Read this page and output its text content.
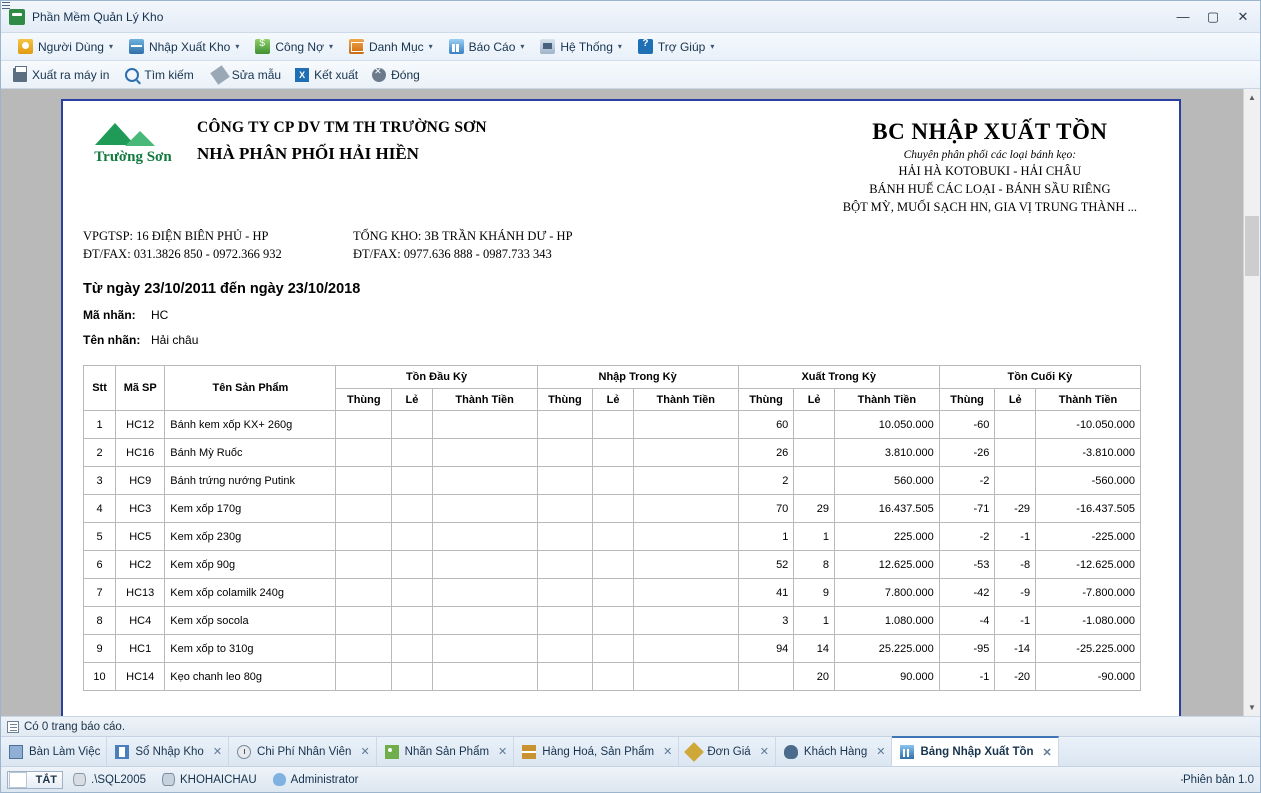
Phần Mềm Quản Lý Kho	—	▢	✕
Người Dùng ▾	Nhập Xuất Kho ▾ $	Công Nợ ▾	Danh Mục ▾	Báo Cáo ▾	Hệ Thống ▾ ?	Trợ Giúp ▾
Xuất ra máy in	Tìm kiếm	Sửa mẫu	X Kết xuất ✕	Đóng
Trường Sơn
CÔNG TY CP DV TM TH TRƯỜNG SƠN
NHÀ PHÂN PHỐI HẢI HIỀN
BC NHẬP XUẤT TỒN
Chuyên phân phối các loại bánh kẹo:
HẢI HÀ KOTOBUKI - HẢI CHÂU
BÁNH HUẾ CÁC LOẠI - BÁNH SẦU RIÊNG
BỘT MỲ, MUỐI SẠCH HN, GIA VỊ TRUNG THÀNH ...
VPGTSP: 16 ĐIỆN BIÊN PHỦ - HP
ĐT/FAX: 031.3826 850 - 0972.366 932
TỔNG KHO: 3B TRẦN KHÁNH DƯ - HP
ĐT/FAX: 0977.636 888 - 0987.733 343
Từ ngày 23/10/2011 đến ngày 23/10/2018
Mã nhãn:	HC
Tên nhãn: Hải châu
Stt	Mã SP	Tên Sản Phẩm	Tồn Đầu Kỳ			Nhập Trong Kỳ			Xuất Trong Kỳ			Tồn Cuối Kỳ		
			Thùng	Lẻ	Thành Tiền	Thùng	Lẻ	Thành Tiền	Thùng	Lẻ	Thành Tiền	Thùng	Lẻ	Thành Tiền
1	HC12	Bánh kem xốp KX+ 260g							60		10.050.000	-60		-10.050.000
2	HC16	Bánh Mỳ Ruốc							26		3.810.000	-26		-3.810.000
3	HC9	Bánh trứng nướng Putink							2		560.000	-2		-560.000
4	HC3	Kem xốp 170g							70	29	16.437.505	-71	-29	-16.437.505
5	HC5	Kem xốp 230g							1	1	225.000	-2	-1	-225.000
6	HC2	Kem xốp 90g							52	8	12.625.000	-53	-8	-12.625.000
7	HC13	Kem xốp colamilk 240g							41	9	7.800.000	-42	-9	-7.800.000
8	HC4	Kem xốp socola							3	1	1.080.000	-4	-1	-1.080.000
9	HC1	Kem xốp to 310g							94	14	25.225.000	-95	-14	-25.225.000
10	HC14	Kẹo chanh leo 80g								20	90.000	-1	-20	-90.000
▲
▼
Có 0 trang báo cáo.
Bàn Làm Việc	Sổ Nhập Kho ✕	Chi Phí Nhân Viên ✕	Nhãn Sản Phẩm ✕	Hàng Hoá, Sản Phẩm ✕	Đơn Giá ✕	Khách Hàng ✕	Bảng Nhập Xuất Tồn ✕
TẮT	.\SQL2005	KHOHAICHAU	Administrator	Phiên bản 1.0
